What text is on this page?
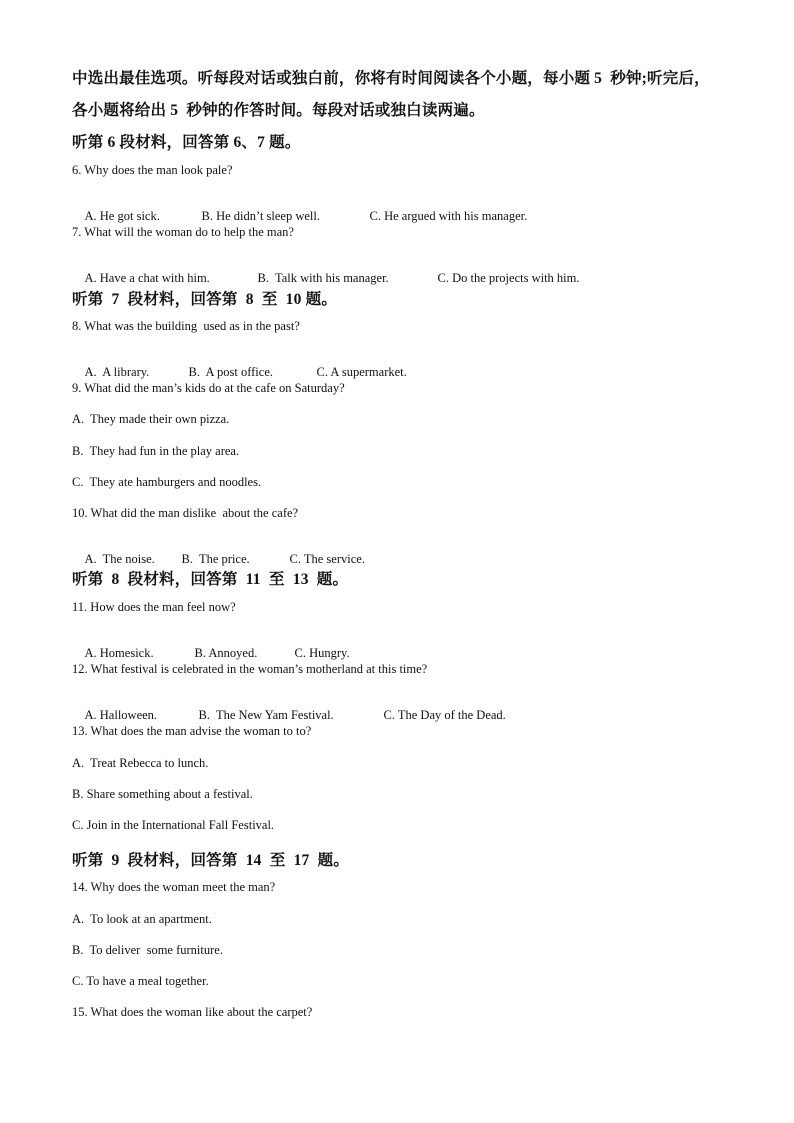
中选出最佳选项。听每段对话或独白前，你将有时间阅读各个小题，每小题 5  秒钟;听完后，
各小题将给出 5  秒钟的作答时间。每段对话或独白读两遍。
听第 6 段材料，回答第 6、7 题。
6. Why does the man look pale?

A. He got sick.	B. He didn’t sleep well.	C. He argued with his manager.

7. What will the woman do to help the man?

A. Have a chat with him.	B.  Talk with his manager.	C. Do the projects with him.

听第  7  段材料，回答第  8  至  10 题。
8. What was the building  used as in the past?

A.  A library.	B.  A post office.	C. A supermarket.

9. What did the man’s kids do at the cafe on Saturday?
A.  They made their own pizza.
B.  They had fun in the play area.
C.  They ate hamburgers and noodles.
10. What did the man dislike  about the cafe?

A.  The noise. B.  The price.	C. The service.

听第  8  段材料，回答第  11  至  13  题。
11. How does the man feel now?

A. Homesick.	B. Annoyed.	C. Hungry.

12. What festival is celebrated in the woman’s motherland at this time?

A. Halloween.	B.  The New Yam Festival.	C. The Day of the Dead.

13. What does the man advise the woman to to?
A.  Treat Rebecca to lunch.
B. Share something about a festival.
C. Join in the International Fall Festival.
听第  9  段材料，回答第  14  至  17  题。
14. Why does the woman meet the man?
A.  To look at an apartment.
B.  To deliver  some furniture.
C. To have a meal together.
15. What does the woman like about the carpet?
